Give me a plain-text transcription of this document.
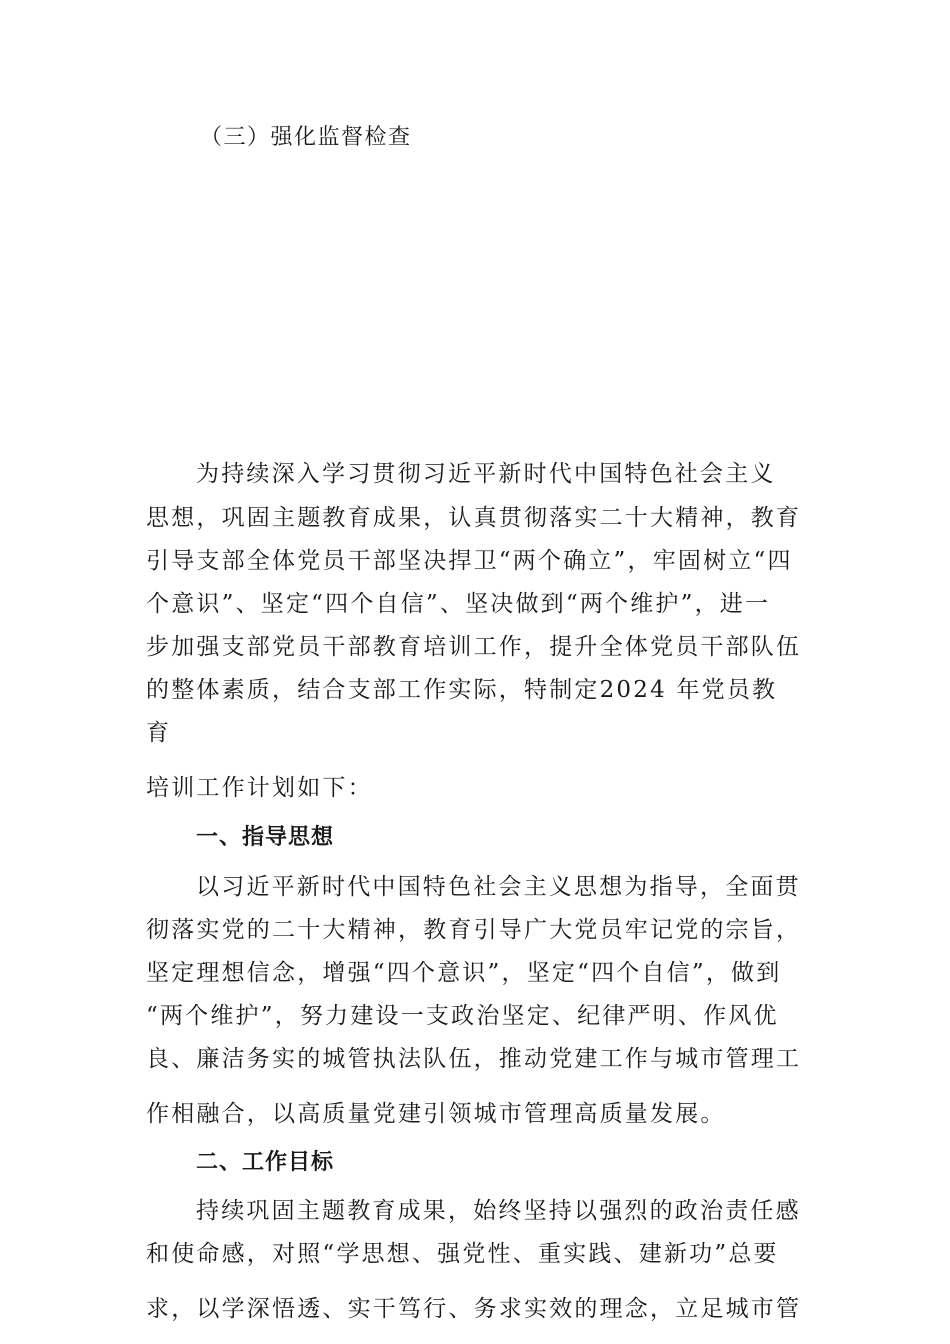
（三）强化监督检查
为持续深入学习贯彻习近平新时代中国特色社会主义
思想，巩固主题教育成果，认真贯彻落实二十大精神，教育
引导支部全体党员干部坚决捍卫“两个确立”，牢固树立“四
个意识”、坚定“四个自信”、坚决做到“两个维护”，进一
步加强支部党员干部教育培训工作，提升全体党员干部队伍
的整体素质，结合支部工作实际，特制定2024 年党员教
育
培训工作计划如下：
一、指导思想
以习近平新时代中国特色社会主义思想为指导，全面贯
彻落实党的二十大精神，教育引导广大党员牢记党的宗旨，
坚定理想信念，增强“四个意识”，坚定“四个自信”，做到
“两个维护”，努力建设一支政治坚定、纪律严明、作风优
良、廉洁务实的城管执法队伍，推动党建工作与城市管理工
作相融合，以高质量党建引领城市管理高质量发展。
二、工作目标
持续巩固主题教育成果，始终坚持以强烈的政治责任感
和使命感，对照“学思想、强党性、重实践、建新功”总要
求，以学深悟透、实干笃行、务求实效的理念，立足城市管
